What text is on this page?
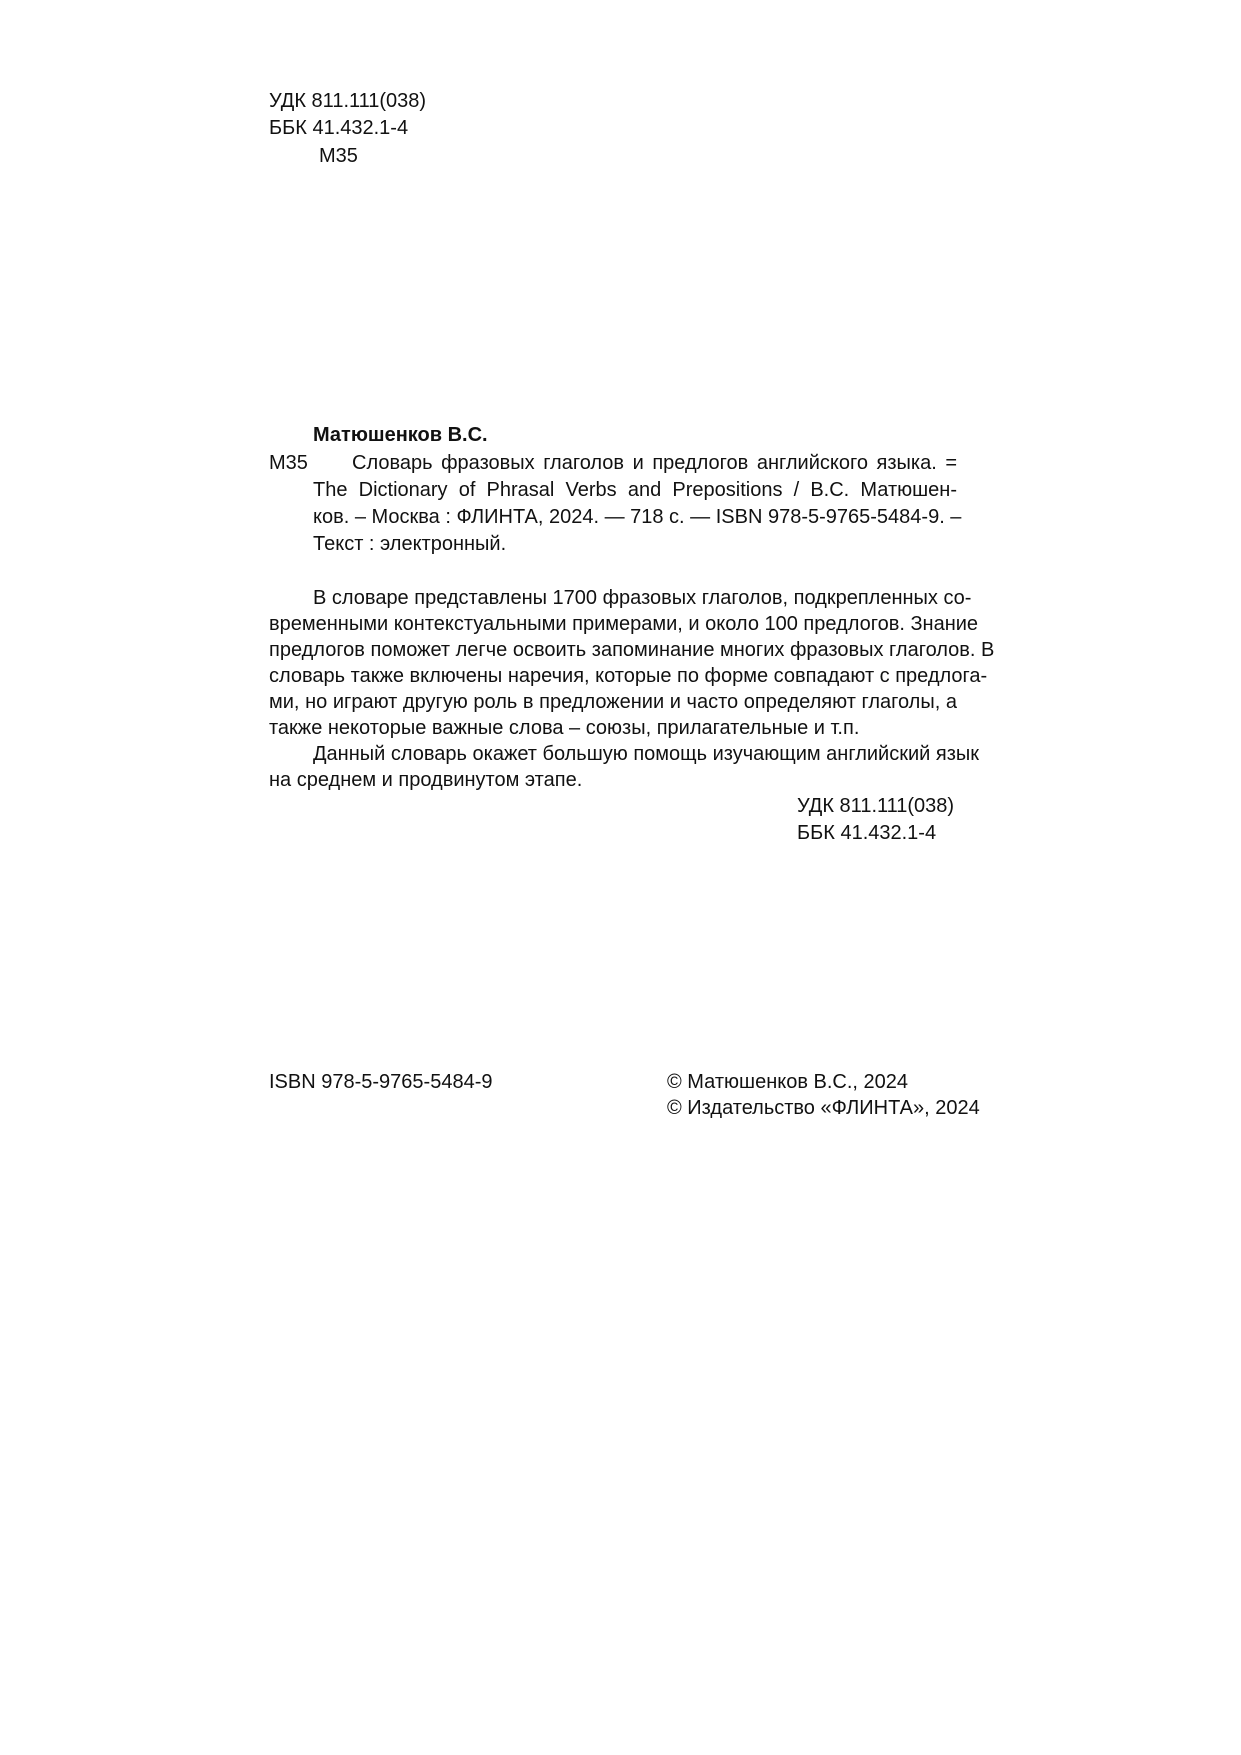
УДК 811.111(038)
ББК 41.432.1-4
М35
Матюшенков В.С.
М35 Словарь фразовых глаголов и предлогов английского языка. =
The Dictionary of Phrasal Verbs and Prepositions / В.С. Матюшен-
ков. – Москва : ФЛИНТА, 2024. — 718 с. — ISBN 978-5-9765-5484-9. –
Текст : электронный.
В словаре представлены 1700 фразовых глаголов, подкрепленных со-
временными контекстуальными примерами, и около 100 предлогов. Знание
предлогов поможет легче освоить запоминание многих фразовых глаголов. В
словарь также включены наречия, которые по форме совпадают с предлога-
ми, но играют другую роль в предложении и часто определяют глаголы, а
также некоторые важные слова – союзы, прилагательные и т.п.
Данный словарь окажет большую помощь изучающим английский язык
на среднем и продвинутом этапе.
УДК 811.111(038)
ББК 41.432.1-4
ISBN 978-5-9765-5484-9	© Матюшенков В.С., 2024
© Издательство «ФЛИНТА», 2024
